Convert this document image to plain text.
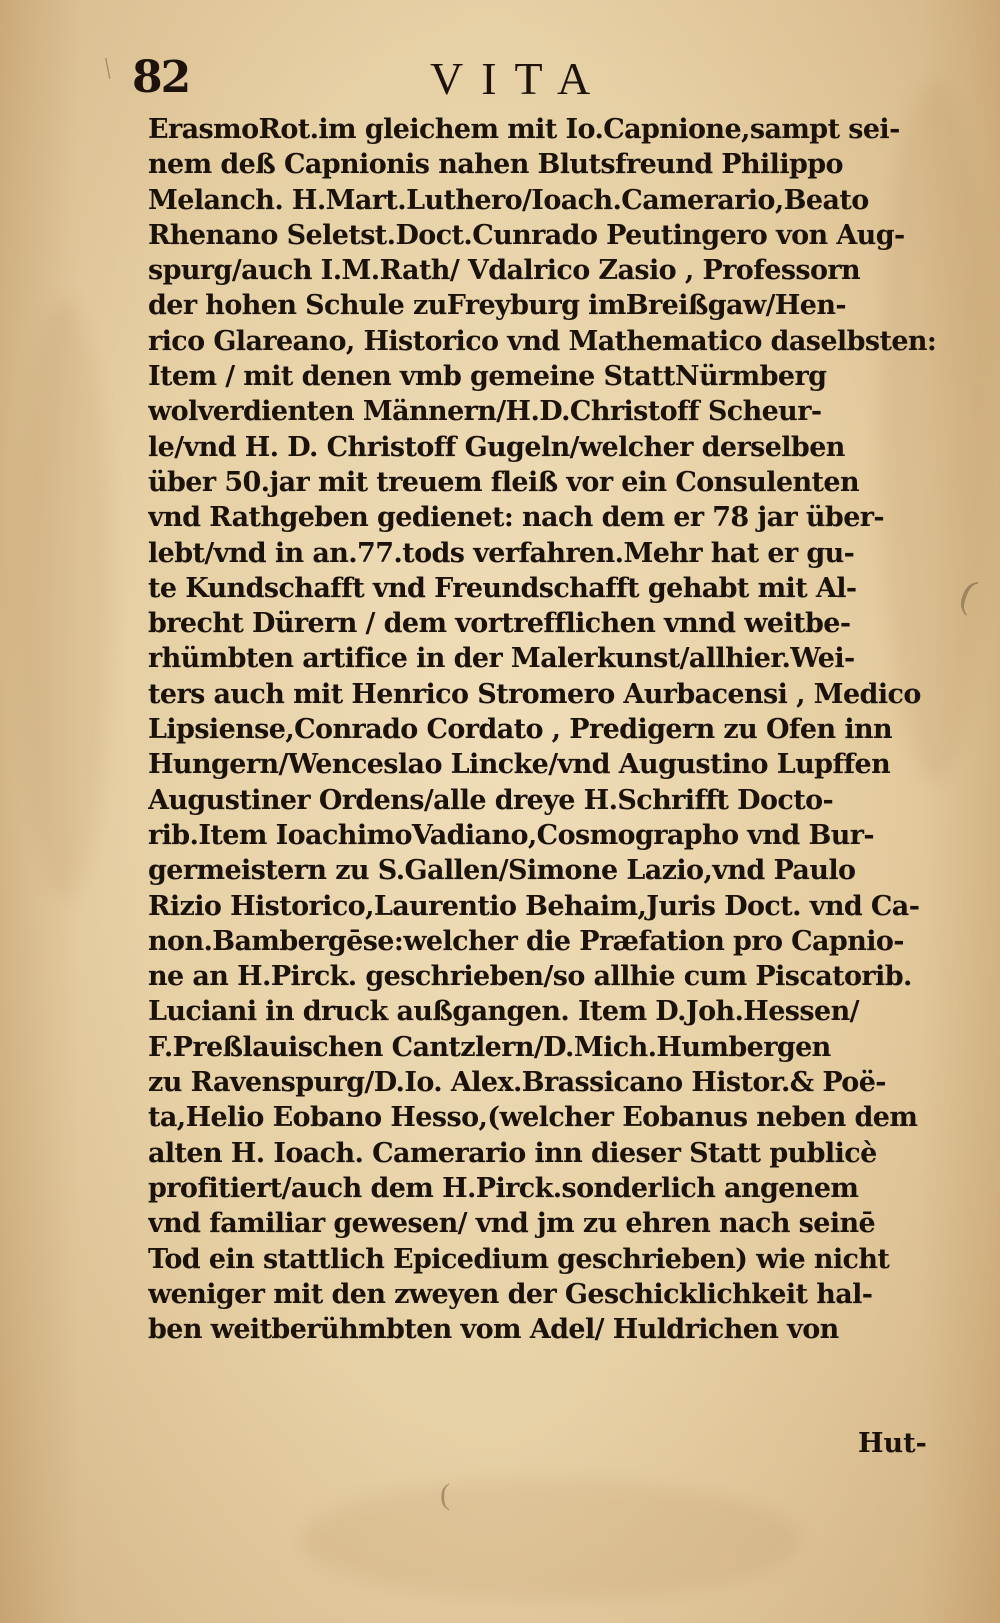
82	VITA
ErasmoRot.im gleichem mit Io.Capnione,sampt sei-
nem deß Capnionis nahen Blutsfreund Philippo
Melanch. H.Mart.Luthero/Ioach.Camerario,Beato
Rhenano Seletst.Doct.Cunrado Peutingero von Aug-
spurg/auch I.M.Rath/ Vdalrico Zasio , Professorn
der hohen Schule zuFreyburg imBreißgaw/Hen-
rico Glareano, Historico vnd Mathematico daselbsten:
Item / mit denen vmb gemeine StattNürmberg
wolverdienten Männern/H.D.Christoff Scheur-
le/vnd H. D. Christoff Gugeln/welcher derselben
über 50.jar mit treuem fleiß vor ein Consulenten
vnd Rathgeben gedienet: nach dem er 78 jar über-
lebt/vnd in an.77.tods verfahren.Mehr hat er gu-
te Kundschafft vnd Freundschafft gehabt mit Al-
brecht Dürern / dem vortrefflichen vnnd weitbe-
rhümbten artifice in der Malerkunst/allhier.Wei-
ters auch mit Henrico Stromero Aurbacensi , Medico
Lipsiense,Conrado Cordato , Predigern zu Ofen inn
Hungern/Wenceslao Lincke/vnd Augustino Lupffen
Augustiner Ordens/alle dreye H.Schrifft Docto-
rib.Item IoachimoVadiano,Cosmographo vnd Bur-
germeistern zu S.Gallen/Simone Lazio,vnd Paulo
Rizio Historico,Laurentio Behaim,Juris Doct. vnd Ca-
non.Bambergēse:welcher die Præfation pro Capnio-
ne an H.Pirck. geschrieben/so allhie cum Piscatorib.
Luciani in druck außgangen. Item D.Joh.Hessen/
F.Preßlauischen Cantzlern/D.Mich.Humbergen
zu Ravenspurg/D.Io. Alex.Brassicano Histor.& Poë-
ta,Helio Eobano Hesso,(welcher Eobanus neben dem
alten H. Ioach. Camerario inn dieser Statt publicè
profitiert/auch dem H.Pirck.sonderlich angenem
vnd familiar gewesen/ vnd jm zu ehren nach seinē
Tod ein stattlich Epicedium geschrieben) wie nicht
weniger mit den zweyen der Geschicklichkeit hal-
ben weitberühmbten vom Adel/ Huldrichen von
Hut-
/
(
(
